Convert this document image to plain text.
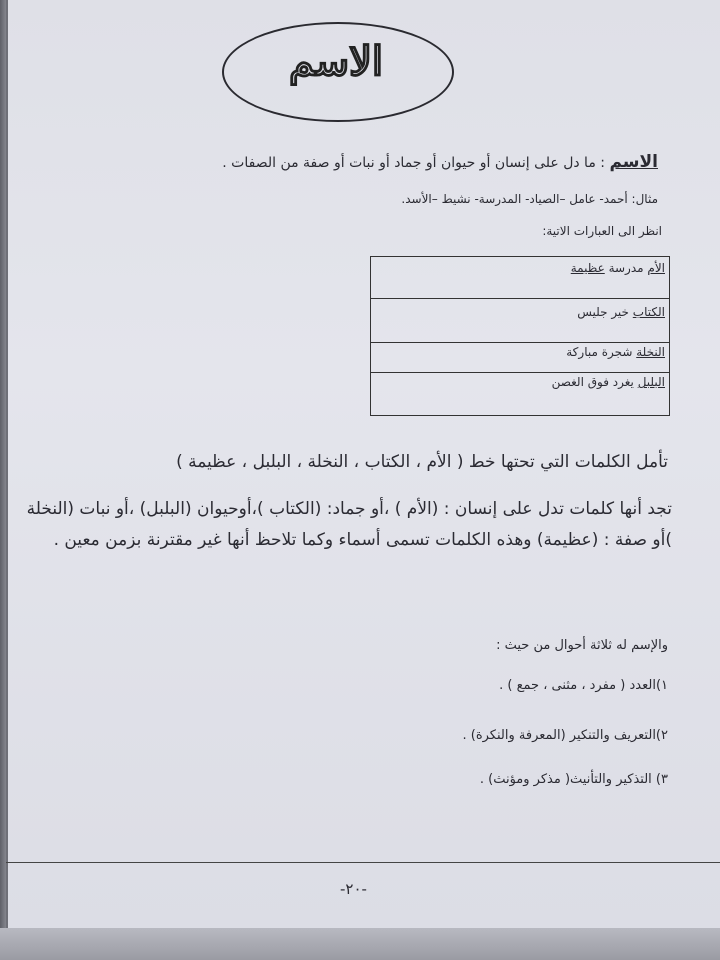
الاسم
الاسم : ما دل على إنسان أو حيوان أو جماد أو نبات أو صفة من الصفات .
مثال: أحمد- عامل –الصياد- المدرسة- نشيط –الأسد.
انظر الى العبارات الاتية:
الأم مدرسة عظيمة
الكتاب خير جليس
النخلة شجرة مباركة
البلبل يغرد فوق الغصن
تأمل الكلمات التي تحتها خط ( الأم ، الكتاب ، النخلة ، البلبل ، عظيمة )
تجد أنها كلمات تدل على إنسان : (الأم ) ،أو جماد: (الكتاب )،أوحيوان (البلبل) ،أو نبات (النخلة )أو صفة : (عظيمة) وهذه الكلمات تسمى أسماء وكما تلاحظ أنها غير مقترنة بزمن معين .
والإسم له ثلاثة أحوال من حيث :
١)العدد ( مفرد ، مثنى ، جمع ) .
٢)التعريف والتنكير (المعرفة والنكرة) .
٣) التذكير والتأنيث( مذكر ومؤنث) .
-٢٠-
